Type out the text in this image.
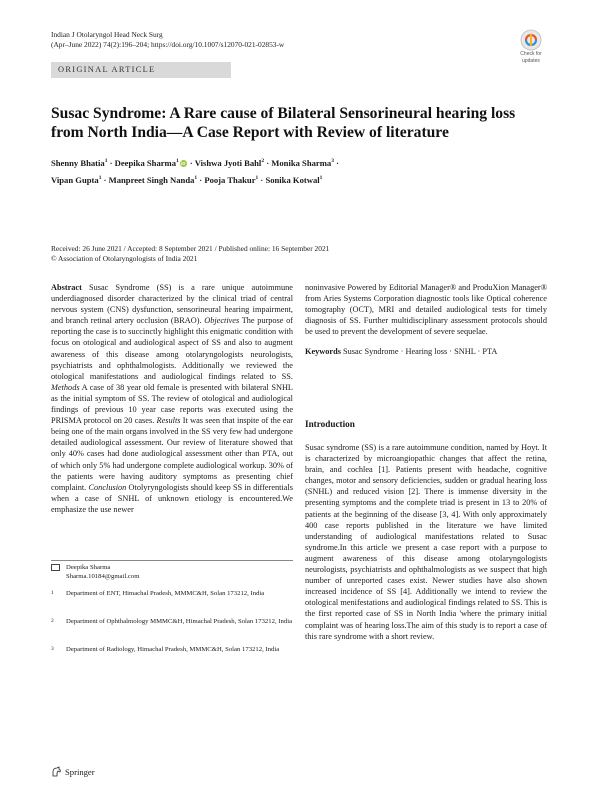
Indian J Otolaryngol Head Neck Surg
(Apr–June 2022) 74(2):196–204; https://doi.org/10.1007/s12070-021-02853-w
Check for
updates
ORIGINAL ARTICLE
Susac Syndrome: A Rare cause of Bilateral Sensorineural hearing loss from North India—A Case Report with Review of literature
Shenny Bhatia$^1$ · Deepika Sharma$^1$ iD · Vishwa Jyoti Bahl$^2$ · Monika Sharma$^3$ ·
Vipan Gupta$^1$ · Manpreet Singh Nanda$^1$ · Pooja Thakur$^1$ · Sonika Kotwal$^1$
Received: 26 June 2021 / Accepted: 8 September 2021 / Published online: 16 September 2021
© Association of Otolaryngologists of India 2021

Abstract Susac Syndrome (SS) is a rare unique autoimmune underdiagnosed disorder characterized by the clinical triad of central nervous system (CNS) dysfunction, sensorineural hearing impairment, and branch retinal artery occlusion (BRAO). Objectives The purpose of reporting the case is to succinctly highlight this enigmatic condition with focus on otological and audiological aspect of SS and also to augment awareness of this disease among otolaryngologists neurologists, psychiatrists and ophthalmologists. Additionally we reviewed the otological manifestations and audiological findings related to SS. Methods A case of 38 year old female is presented with bilateral SNHL as the initial symptom of SS. The review of otological and audiological findings of previous 10 year case reports was executed using the PRISMA protocol on 20 cases. Results It was seen that inspite of the ear being one of the main organs involved in the SS very few had undergone detailed audiological assessment. Our review of literature showed that only 40% cases had done audiological assessment other than PTA, out of which only 5% had undergone complete audiological workup. 30% of the patients were having auditory symptoms as presenting chief complaint. Conclusion Otolyryngologists should keep SS in differentials when a case of SNHL of unknown etiology is encountered.We emphasize the use newer

Deepika Sharma
Sharma.10184@gmail.com
1 Department of ENT, Himachal Pradesh, MMMC&H, Solan 173212, India
2 Department of Ophthalmology MMMC&H, Himachal Pradesh, Solan 173212, India
3 Department of Radiology, Himachal Pradesh, MMMC&H, Solan 173212, India

noninvasive Powered by Editorial Manager® and ProduXion Manager® from Aries Systems Corporation diagnostic tools like Optical coherence tomography (OCT), MRI and detailed audiological tests for timely diagnosis of SS. Further multidisciplinary assessment protocols should be used to prevent the development of severe sequelae.

Keywords Susac Syndrome · Hearing loss · SNHL · PTA

Introduction

Susac syndrome (SS) is a rare autoimmune condition, named by Hoyt. It is characterized by microangiopathic changes that affect the retina, brain, and cochlea [1]. Patients present with headache, cognitive changes, motor and sensory deficiencies, sudden or gradual hearing loss (SNHL) and reduced vision [2]. There is immense diversity in the presenting symptoms and the complete triad is present in 13 to 20% of patients at the beginning of the disease [3, 4]. With only approximately 400 case reports published in the literature we have limited understanding of audiological manifestations related to Susac syndrome.In this article we present a case report with a purpose to augment awareness of this disease among otolaryngologists neurologists, psychiatrists and ophthalmologists as we suspect that high number of unreported cases exist. Newer studies have also shown increased incidence of SS [4]. Additionally we intend to review the otological menifestations and audiological findings related to SS. This is the first reported case of SS in North India 'where the primary initial complaint was of hearing loss.The aim of this study is to report a case of this rare syndrome with a short review.

Springer
